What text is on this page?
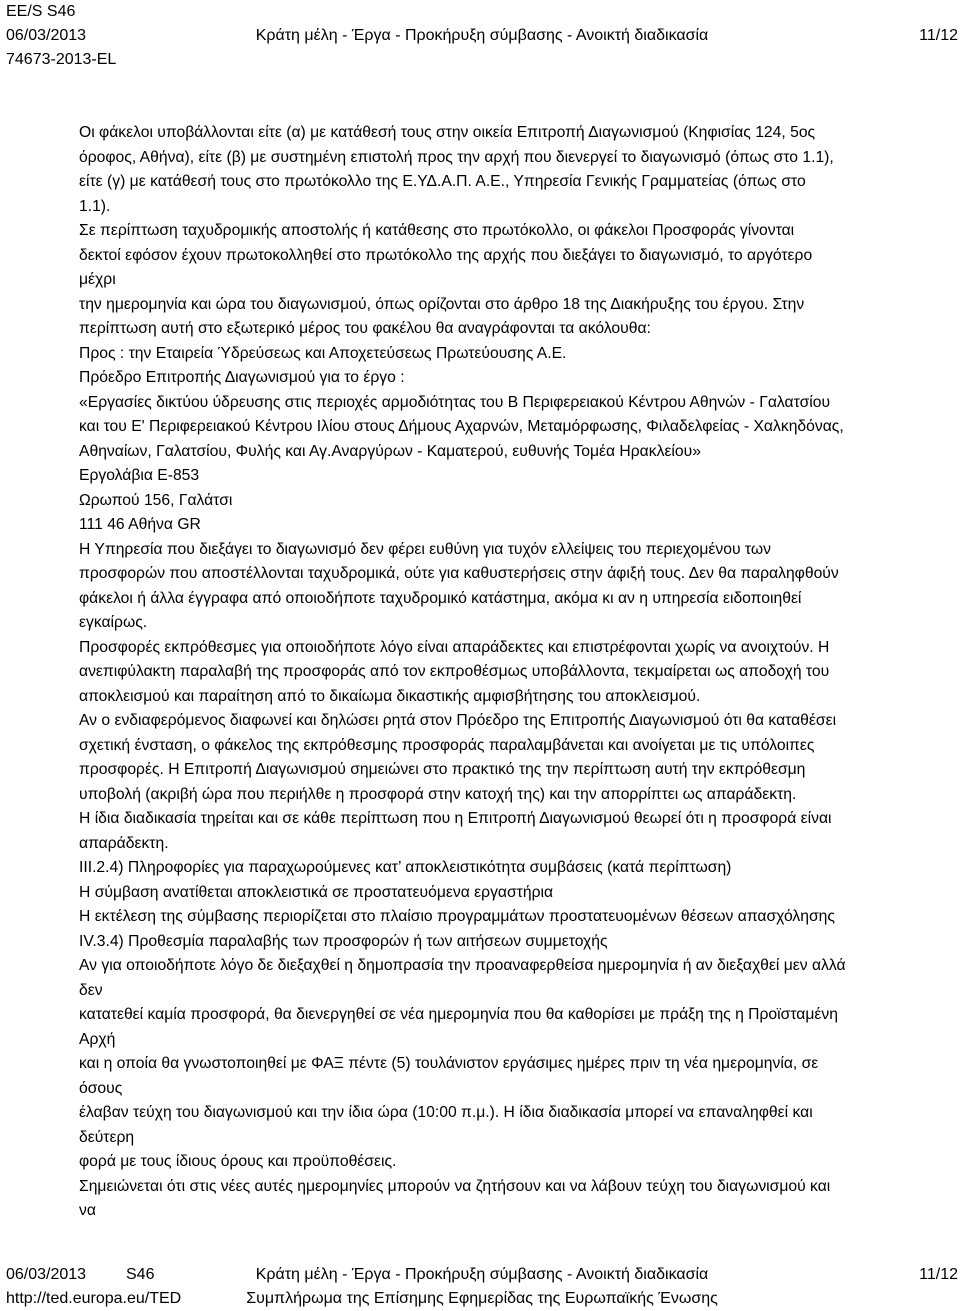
EE/S S46
06/03/2013	Κράτη μέλη - Έργα - Προκήρυξη σύμβασης - Ανοικτή διαδικασία	11/12
74673-2013-EL

Οι φάκελοι υποβάλλονται είτε (α) με κατάθεσή τους στην οικεία Επιτροπή Διαγωνισμού (Κηφισίας 124, 5ος

όροφος, Αθήνα), είτε (β) με συστημένη επιστολή προς την αρχή που διενεργεί το διαγωνισμό (όπως στο 1.1),

είτε (γ) με κατάθεσή τους στο πρωτόκολλο της Ε.ΥΔ.Α.Π. Α.Ε., Υπηρεσία Γενικής Γραμματείας (όπως στο

1.1).

Σε περίπτωση ταχυδρομικής αποστολής ή κατάθεσης στο πρωτόκολλο, οι φάκελοι Προσφοράς γίνονται

δεκτοί εφόσον έχουν πρωτοκολληθεί στο πρωτόκολλο της αρχής που διεξάγει το διαγωνισμό, το αργότερο

μέχρι

την ημερομηνία και ώρα του διαγωνισμού, όπως ορίζονται στο άρθρο 18 της Διακήρυξης του έργου. Στην

περίπτωση αυτή στο εξωτερικό μέρος του φακέλου θα αναγράφονται τα ακόλουθα:

Προς : την Εταιρεία Ύδρεύσεως και Αποχετεύσεως Πρωτεύουσης Α.Ε.

Πρόεδρο Επιτροπής Διαγωνισμού για το έργο :

«Εργασίες δικτύου ύδρευσης στις περιοχές αρμοδιότητας του Β Περιφερειακού Κέντρου Αθηνών - Γαλατσίου

και του Ε' Περιφερειακού Κέντρου Ιλίου στους Δήμους Αχαρνών, Μεταμόρφωσης, Φιλαδελφείας - Χαλκηδόνας,

Αθηναίων, Γαλατσίου, Φυλής και Αγ.Αναργύρων - Καματερού, ευθυνής Τομέα Ηρακλείου»

Εργολάβια Ε-853

Ωρωπού 156, Γαλάτσι

111 46 Αθήνα GR

Η Υπηρεσία που διεξάγει το διαγωνισμό δεν φέρει ευθύνη για τυχόν ελλείψεις του περιεχομένου των

προσφορών που αποστέλλονται ταχυδρομικά, ούτε για καθυστερήσεις στην άφιξή τους. Δεν θα παραληφθούν

φάκελοι ή άλλα έγγραφα από οποιοδήποτε ταχυδρομικό κατάστημα, ακόμα κι αν η υπηρεσία ειδοποιηθεί

εγκαίρως.

Προσφορές εκπρόθεσμες για οποιοδήποτε λόγο είναι απαράδεκτες και επιστρέφονται χωρίς να ανοιχτούν. Η

ανεπιφύλακτη παραλαβή της προσφοράς από τον εκπροθέσμως υποβάλλοντα, τεκμαίρεται ως αποδοχή του

αποκλεισμού και παραίτηση από το δικαίωμα δικαστικής αμφισβήτησης του αποκλεισμού.

Αν ο ενδιαφερόμενος διαφωνεί και δηλώσει ρητά στον Πρόεδρο της Επιτροπής Διαγωνισμού ότι θα καταθέσει

σχετική ένσταση, ο φάκελος της εκπρόθεσμης προσφοράς παραλαμβάνεται και ανοίγεται με τις υπόλοιπες

προσφορές. Η Επιτροπή Διαγωνισμού σημειώνει στο πρακτικό της την περίπτωση αυτή την εκπρόθεσμη

υποβολή (ακριβή ώρα που περιήλθε η προσφορά στην κατοχή της) και την απορρίπτει ως απαράδεκτη.

Η ίδια διαδικασία τηρείται και σε κάθε περίπτωση που η Επιτροπή Διαγωνισμού θεωρεί ότι η προσφορά είναι

απαράδεκτη.

III.2.4) Πληροφορίες για παραχωρούμενες κατ’ αποκλειστικότητα συμβάσεις (κατά περίπτωση)

Η σύμβαση ανατίθεται αποκλειστικά σε προστατευόμενα εργαστήρια

Η εκτέλεση της σύμβασης περιορίζεται στο πλαίσιο προγραμμάτων προστατευομένων θέσεων απασχόλησης

IV.3.4) Προθεσμία παραλαβής των προσφορών ή των αιτήσεων συμμετοχής

Αν για οποιοδήποτε λόγο δε διεξαχθεί η δημοπρασία την προαναφερθείσα ημερομηνία ή αν διεξαχθεί μεν αλλά

δεν

κατατεθεί καμία προσφορά, θα διενεργηθεί σε νέα ημερομηνία που θα καθορίσει με πράξη της η Προϊσταμένη

Αρχή

και η οποία θα γνωστοποιηθεί με ΦΑΞ πέντε (5) τουλάνιστον εργάσιμες ημέρες πριν τη νέα ημερομηνία, σε

όσους

έλαβαν τεύχη του διαγωνισμού και την ίδια ώρα (10:00 π.μ.). Η ίδια διαδικασία μπορεί να επαναληφθεί και

δεύτερη

φορά με τους ίδιους όρους και προϋποθέσεις.

Σημειώνεται ότι στις νέες αυτές ημερομηνίες μπορούν να ζητήσουν και να λάβουν τεύχη του διαγωνισμού και

να

06/03/2013 S46	Κράτη μέλη - Έργα - Προκήρυξη σύμβασης - Ανοικτή διαδικασία	11/12
http://ted.europa.eu/TED	Συμπλήρωμα της Επίσημης Εφημερίδας της Ευρωπαϊκής Ένωσης
